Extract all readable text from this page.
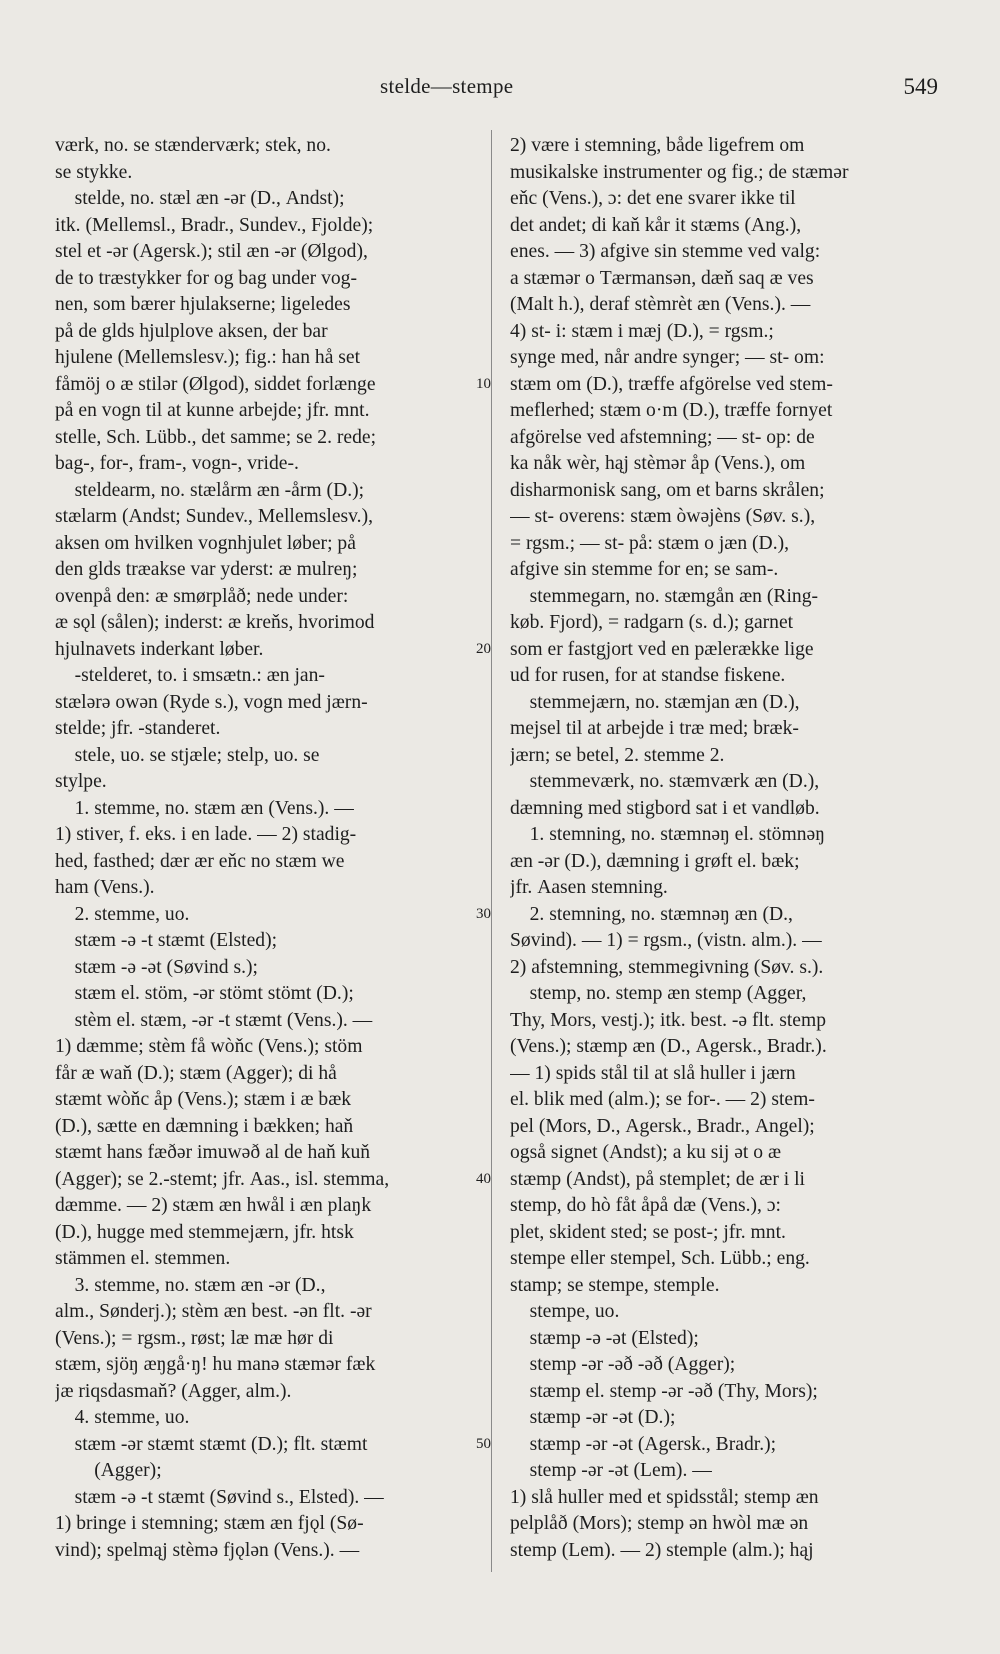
stelde—stempe	549
værk, no. se stænderværk; stek, no.
se stykke.
stelde, no. stæl æn -ər (D., Andst);
itk. (Mellemsl., Bradr., Sundev., Fjolde);
stel et -ər (Agersk.); stil æn -ər (Ølgod),
de to træstykker for og bag under vog-
nen, som bærer hjulakserne; ligeledes
på de glds hjulplove aksen, der bar
hjulene (Mellemslesv.); fig.: han hå set
fåmöj o æ stilər (Ølgod), siddet forlænge
på en vogn til at kunne arbejde; jfr. mnt.
stelle, Sch. Lübb., det samme; se 2. rede;
bag-, for-, fram-, vogn-, vride-.
steldearm, no. stælårm æn -årm (D.);
stælarm (Andst; Sundev., Mellemslesv.),
aksen om hvilken vognhjulet løber; på
den glds træakse var yderst: æ mulreŋ;
ovenpå den: æ smørplåð; nede under:
æ sǫl (sålen); inderst: æ kreňs, hvorimod
hjulnavets inderkant løber.
-stelderet, to. i smsætn.: æn jan-
stælərə owən (Ryde s.), vogn med jærn-
stelde; jfr. -standeret.
stele, uo. se stjæle; stelp, uo. se
stylpe.
1. stemme, no. stæm æn (Vens.). —
1) stiver, f. eks. i en lade. — 2) stadig-
hed, fasthed; dær ær eňc no stæm we
ham (Vens.).
2. stemme, uo.
stæm -ə -t stæmt (Elsted);
stæm -ə -ət (Søvind s.);
stæm el. stöm, -ər stömt stömt (D.);
stèm el. stæm, -ər -t stæmt (Vens.). —
1) dæmme; stèm få wòňc (Vens.); stöm
får æ waň (D.); stæm (Agger); di hå
stæmt wòňc åp (Vens.); stæm i æ bæk
(D.), sætte en dæmning i bækken; haň
stæmt hans fæðər imuwəð al de haň kuň
(Agger); se 2.-stemt; jfr. Aas., isl. stemma,
dæmme. — 2) stæm æn hwål i æn plaŋk
(D.), hugge med stemmejærn, jfr. htsk
stämmen el. stemmen.
3. stemme, no. stæm æn -ər (D.,
alm., Sønderj.); stèm æn best. -ən flt. -ər
(Vens.); = rgsm., røst; læ mæ hør di
stæm, sjöŋ æŋgå·ŋ! hu manə stæmər fæk
jæ riqsdasmaň? (Agger, alm.).
4. stemme, uo.
stæm -ər stæmt stæmt (D.); flt. stæmt
(Agger);
stæm -ə -t stæmt (Søvind s., Elsted). —
1) bringe i stemning; stæm æn fjǫl (Sø-
vind); spelmąj stèmə fjǫlən (Vens.). —
2) være i stemning, både ligefrem om
musikalske instrumenter og fig.; de stæmər
eňc (Vens.), ɔ: det ene svarer ikke til
det andet; di kaň kår it stæms (Ang.),
enes. — 3) afgive sin stemme ved valg:
a stæmər o Tærmansən, dæň saq æ ves
(Malt h.), deraf stèmrèt æn (Vens.). —
4) st- i: stæm i mæj (D.), = rgsm.;
synge med, når andre synger; — st- om:
stæm om (D.), træffe afgörelse ved stem-
meflerhed; stæm o·m (D.), træffe fornyet
afgörelse ved afstemning; — st- op: de
ka nåk wèr, hąj stèmər åp (Vens.), om
disharmonisk sang, om et barns skrålen;
— st- overens: stæm òwəjèns (Søv. s.),
= rgsm.; — st- på: stæm o jæn (D.),
afgive sin stemme for en; se sam-.
stemmegarn, no. stæmgån æn (Ring-
køb. Fjord), = radgarn (s. d.); garnet
som er fastgjort ved en pælerække lige
ud for rusen, for at standse fiskene.
stemmejærn, no. stæmjan æn (D.),
mejsel til at arbejde i træ med; bræk-
jærn; se betel, 2. stemme 2.
stemmeværk, no. stæmværk æn (D.),
dæmning med stigbord sat i et vandløb.
1. stemning, no. stæmnəŋ el. stömnəŋ
æn -ər (D.), dæmning i grøft el. bæk;
jfr. Aasen stemning.
2. stemning, no. stæmnəŋ æn (D.,
Søvind). — 1) = rgsm., (vistn. alm.). —
2) afstemning, stemmegivning (Søv. s.).
stemp, no. stemp æn stemp (Agger,
Thy, Mors, vestj.); itk. best. -ə flt. stemp
(Vens.); stæmp æn (D., Agersk., Bradr.).
— 1) spids stål til at slå huller i jærn
el. blik med (alm.); se for-. — 2) stem-
pel (Mors, D., Agersk., Bradr., Angel);
også signet (Andst); a ku sij ət o æ
stæmp (Andst), på stemplet; de ær i li
stemp, do hò fåt åpå dæ (Vens.), ɔ:
plet, skident sted; se post-; jfr. mnt.
stempe eller stempel, Sch. Lübb.; eng.
stamp; se stempe, stemple.
stempe, uo.
stæmp -ə -ət (Elsted);
stemp -ər -əð -əð (Agger);
stæmp el. stemp -ər -əð (Thy, Mors);
stæmp -ər -ət (D.);
stæmp -ər -ət (Agersk., Bradr.);
stemp -ər -ət (Lem). —
1) slå huller med et spidsstål; stemp æn
pelplåð (Mors); stemp ən hwòl mæ ən
stemp (Lem). — 2) stemple (alm.); hąj
10
20
30
40
50
